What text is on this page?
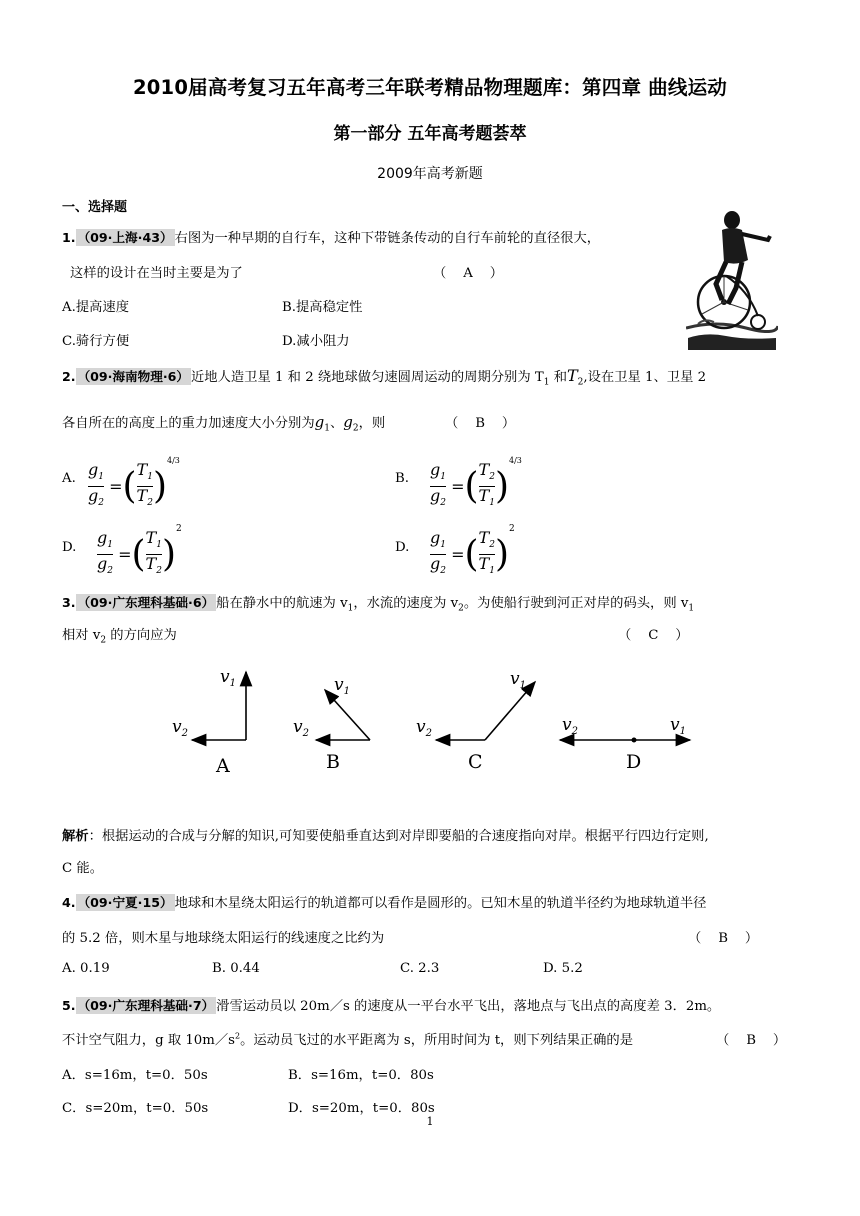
2010届高考复习五年高考三年联考精品物理题库：第四章 曲线运动
第一部分 五年高考题荟萃
2009年高考新题
一、选择题
1. （09·上海·43） 右图为一种早期的自行车，这种下带链条传动的自行车前轮的直径很大，
这样的设计在当时主要是为了	（    A    ）
A.提高速度	B.提高稳定性
C.骑行方便	D.减小阻力
2. （09·海南物理·6） 近地人造卫星 1 和 2 绕地球做匀速圆周运动的周期分别为 $T_1$ 和$T_2$,设在卫星 1、卫星 2
各自所在的高度上的重力加速度大小分别为$g_1$、$g_2$，则	（    B    ）
A. $\frac{g_1}{g_2}$ =( $\frac{T_1}{T_2} )^{4/3}$
B. $\frac{g_1}{g_2}$ =( $\frac{T_2}{T_1} )^{4/3}$
D. $\frac{g_1}{g_2}$ =( $\frac{T_1}{T_2} )^2$
D. $\frac{g_1}{g_2}$ =( $\frac{T_2}{T_1} )^2$
3. （09·广东理科基础·6） 船在静水中的航速为 $v_1$，水流的速度为 $v_2$。为使船行驶到河正对岸的码头，则 $v_1$
相对 $v_2$ 的方向应为	（    C    ）
$v_1$
$v_2$
A
$v_1$
$v_2$
B
$v_1$
$v_2$
C
$v_1$
$v_2$
D
解析：根据运动的合成与分解的知识,可知要使船垂直达到对岸即要船的合速度指向对岸。根据平行四边行定则,
C 能。
4. （09·宁夏·15） 地球和木星绕太阳运行的轨道都可以看作是圆形的。已知木星的轨道半径约为地球轨道半径
的 5.2 倍，则木星与地球绕太阳运行的线速度之比约为	（    B    ）
A. 0.19	B. 0.44	C. 2.3	D. 5.2
5. （09·广东理科基础·7） 滑雪运动员以 20m／s 的速度从一平台水平飞出，落地点与飞出点的高度差 3．2m。
不计空气阻力，g 取 $10m/s^2$。运动员飞过的水平距离为 s，所用时间为 t，则下列结果正确的是	（    B    ）
A．s=16m，t=0．50s	B．s=16m，t=0．80s
C．s=20m，t=0．50s	D．s=20m，t=0．80s
1
